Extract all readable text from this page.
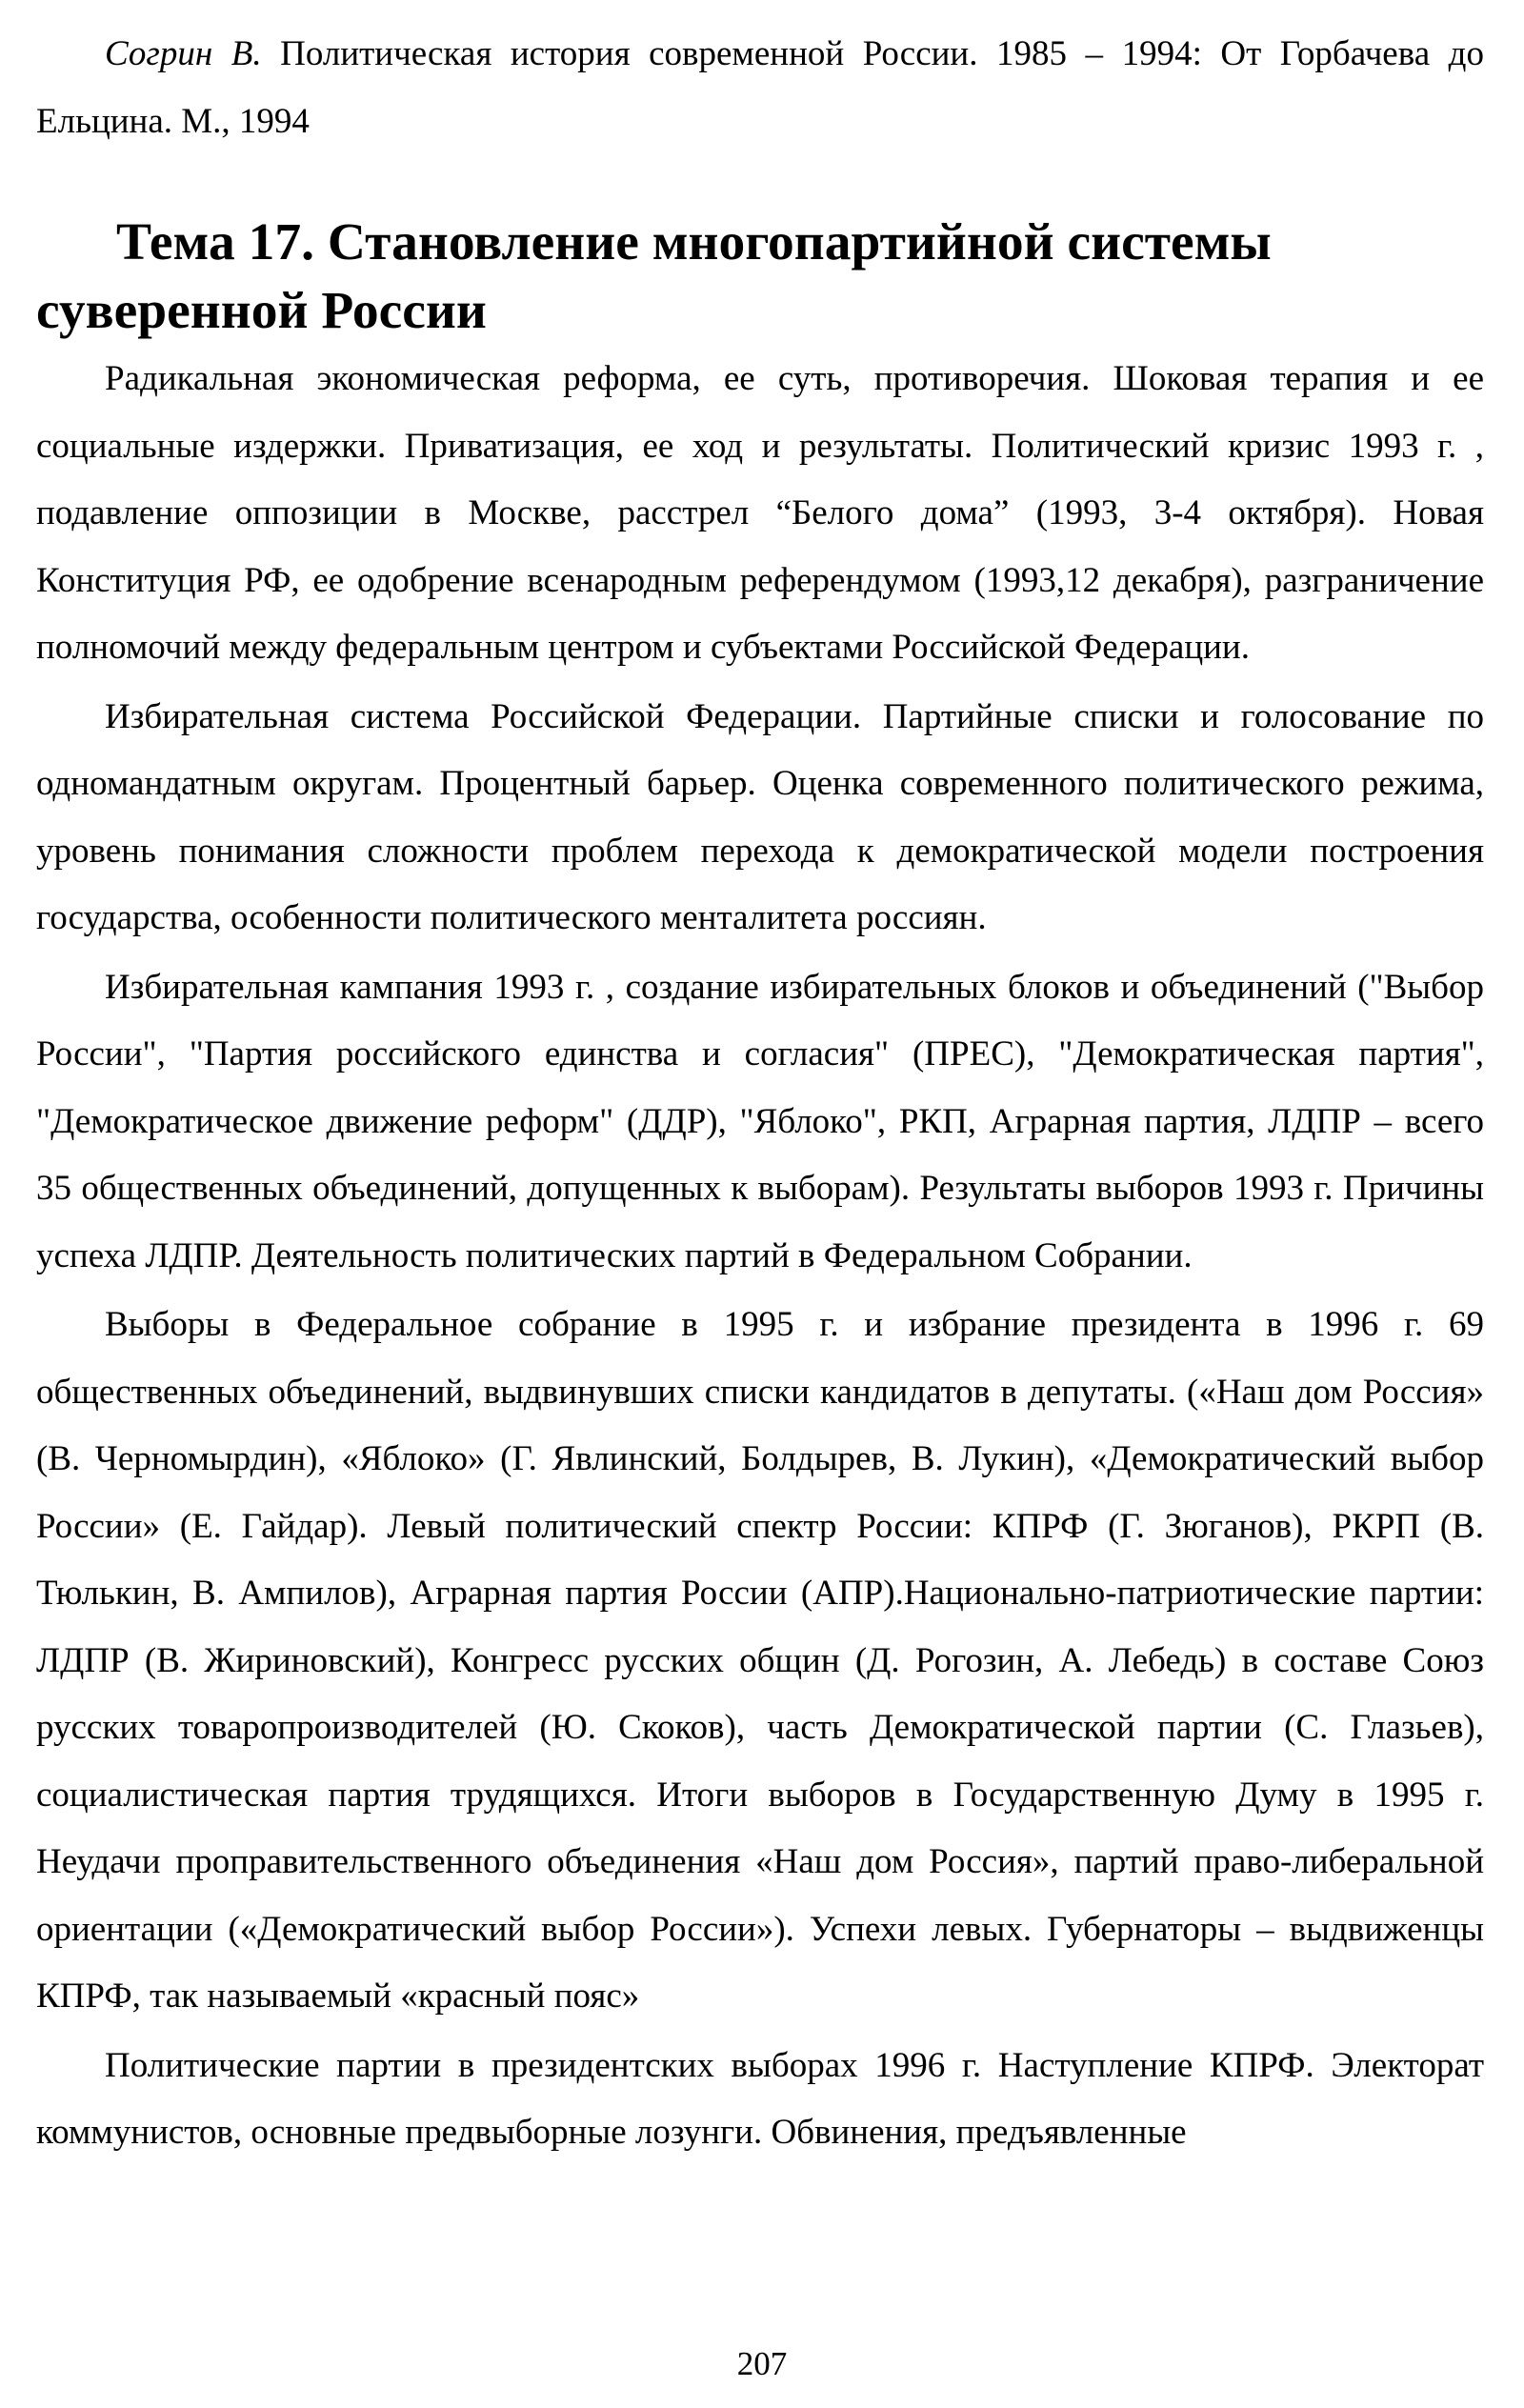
Согрин В. Политическая история современной России. 1985 – 1994: От Горбачева до Ельцина. М., 1994

Тема 17. Становление многопартийной системы суверенной России

Радикальная экономическая реформа, ее суть, противоречия. Шоковая терапия и ее социальные издержки. Приватизация, ее ход и результаты. Политический кризис 1993 г. , подавление оппозиции в Москве, расстрел “Белого дома” (1993, 3-4 октября). Новая Конституция РФ, ее одобрение всенародным референдумом (1993,12 декабря), разграничение полномочий между федеральным центром и субъектами Российской Федерации.

Избирательная система Российской Федерации. Партийные списки и голосование по одномандатным округам. Процентный барьер. Оценка современного политического режима, уровень понимания сложности проблем перехода к демократической модели построения государства, особенности политического менталитета россиян.

Избирательная кампания 1993 г. , создание избирательных блоков и объединений ("Выбор России", "Партия российского единства и согласия" (ПРЕС), "Демократическая партия", "Демократическое движение реформ" (ДДР), "Яблоко", РКП, Аграрная партия, ЛДПР – всего 35 общественных объединений, допущенных к выборам). Результаты выборов 1993 г. Причины успеха ЛДПР. Деятельность политических партий в Федеральном Собрании.

Выборы в Федеральное собрание в 1995 г. и избрание президента в 1996 г. 69 общественных объединений, выдвинувших списки кандидатов в депутаты. («Наш дом Россия» (В. Черномырдин), «Яблоко» (Г. Явлинский, Болдырев, В. Лукин), «Демократический выбор России» (Е. Гайдар). Левый политический спектр России: КПРФ (Г. Зюганов), РКРП (В. Тюлькин, В. Ампилов), Аграрная партия России (АПР).Национально-патриотические партии: ЛДПР (В. Жириновский), Конгресс русских общин (Д. Рогозин, А. Лебедь) в составе Союз русских товаропроизводителей (Ю. Скоков), часть Демократической партии (С. Глазьев), социалистическая партия трудящихся. Итоги выборов в Государственную Думу в 1995 г. Неудачи проправительственного объединения «Наш дом Россия», партий право-либеральной ориентации («Демократический выбор России»). Успехи левых. Губернаторы – выдвиженцы КПРФ, так называемый «красный пояс»

Политические партии в президентских выборах 1996 г. Наступление КПРФ. Электорат коммунистов, основные предвыборные лозунги. Обвинения, предъявленные

207
